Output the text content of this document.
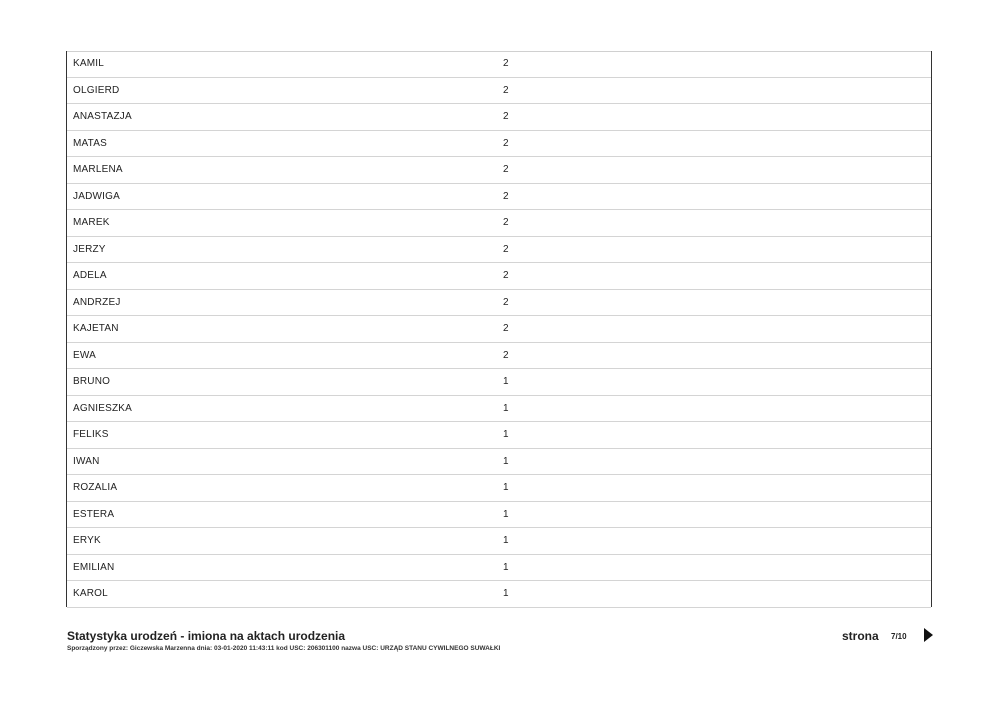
KAMIL	2
OLGIERD	2
ANASTAZJA	2
MATAS	2
MARLENA	2
JADWIGA	2
MAREK	2
JERZY	2
ADELA	2
ANDRZEJ	2
KAJETAN	2
EWA	2
BRUNO	1
AGNIESZKA	1
FELIKS	1
IWAN	1
ROZALIA	1
ESTERA	1
ERYK	1
EMILIAN	1
KAROL	1
Statystyka urodzeń - imiona na aktach urodzenia
Sporządzony przez: Giczewska Marzenna dnia: 03-01-2020 11:43:11 kod USC: 206301100 nazwa USC: URZĄD STANU CYWILNEGO SUWAŁKI
strona 7/10
